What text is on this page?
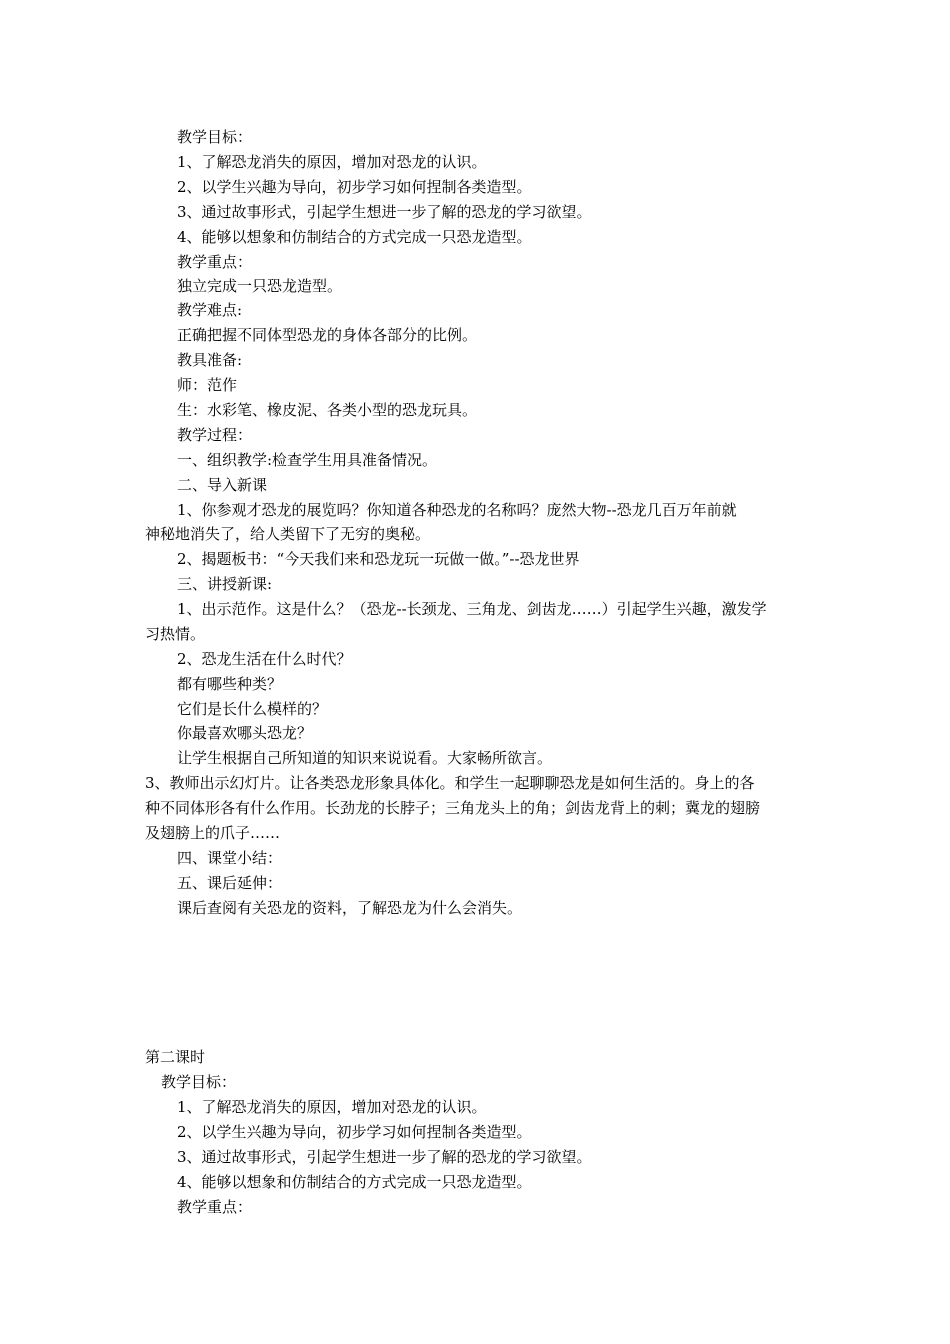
教学目标：
1、了解恐龙消失的原因，增加对恐龙的认识。
2、以学生兴趣为导向，初步学习如何捏制各类造型。
3、通过故事形式，引起学生想进一步了解的恐龙的学习欲望。
4、能够以想象和仿制结合的方式完成一只恐龙造型。
教学重点：
独立完成一只恐龙造型。
教学难点:
正确把握不同体型恐龙的身体各部分的比例。
教具准备:
师：范作
生：水彩笔、橡皮泥、各类小型的恐龙玩具。
教学过程：
一、组织教学:检查学生用具准备情况。
二、导入新课
1、你参观才恐龙的展览吗？你知道各种恐龙的名称吗？庞然大物--恐龙几百万年前就
神秘地消失了，给人类留下了无穷的奥秘。
2、揭题板书：“今天我们来和恐龙玩一玩做一做。”--恐龙世界
三、讲授新课:
1、出示范作。这是什么？（恐龙--长颈龙、三角龙、剑齿龙……）引起学生兴趣，激发学
习热情。
2、恐龙生活在什么时代？
都有哪些种类？
它们是长什么模样的？
你最喜欢哪头恐龙？
让学生根据自己所知道的知识来说说看。大家畅所欲言。
3、教师出示幻灯片。让各类恐龙形象具体化。和学生一起聊聊恐龙是如何生活的。身上的各
种不同体形各有什么作用。长劲龙的长脖子；三角龙头上的角；剑齿龙背上的刺；冀龙的翅膀
及翅膀上的爪子……
四、课堂小结：
五、课后延伸：
课后查阅有关恐龙的资料，了解恐龙为什么会消失。
第二课时
教学目标：
1、了解恐龙消失的原因，增加对恐龙的认识。
2、以学生兴趣为导向，初步学习如何捏制各类造型。
3、通过故事形式，引起学生想进一步了解的恐龙的学习欲望。
4、能够以想象和仿制结合的方式完成一只恐龙造型。
教学重点：
